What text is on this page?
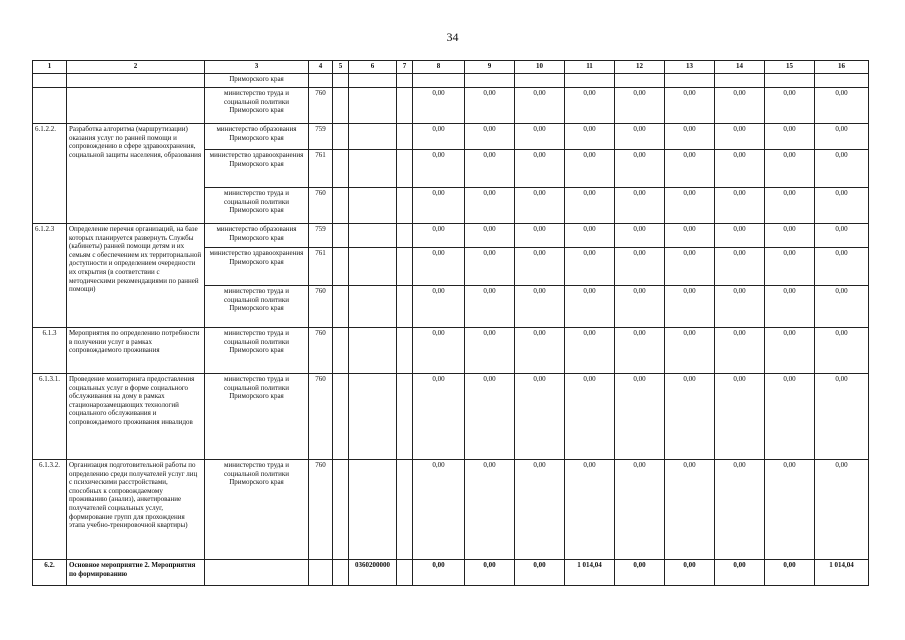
34
1	2	3	4	5	6	7	8	9	10	11	12	13	14	15	16
		Приморского края													
		министерство труда и социальной политики Приморского края	760				0,00	0,00	0,00	0,00	0,00	0,00	0,00	0,00	0,00
6.1.2.2.	Разработка алгоритма (маршрутизации) оказания услуг по ранней помощи и сопровождению в сфере здравоохранения, социальной защиты населения, образования	министерство образования Приморского края	759				0,00	0,00	0,00	0,00	0,00	0,00	0,00	0,00	0,00
		министерство здравоохранения Приморского края	761				0,00	0,00	0,00	0,00	0,00	0,00	0,00	0,00	0,00
		министерство труда и социальной политики Приморского края	760				0,00	0,00	0,00	0,00	0,00	0,00	0,00	0,00	0,00
6.1.2.3	Определение перечня организаций, на базе которых планируется развернуть Службы (кабинеты) ранней помощи детям и их семьям с обеспечением их территориальной доступности и определением очередности их открытия (в соответствии с методическими рекомендациями по ранней помощи)	министерство образования Приморского края	759				0,00	0,00	0,00	0,00	0,00	0,00	0,00	0,00	0,00
		министерство здравоохранения Приморского края	761				0,00	0,00	0,00	0,00	0,00	0,00	0,00	0,00	0,00
		министерство труда и социальной политики Приморского края	760				0,00	0,00	0,00	0,00	0,00	0,00	0,00	0,00	0,00
6.1.3	Мероприятия по определению потребности в получении услуг в рамках сопровождаемого проживания	министерство труда и социальной политики Приморского края	760				0,00	0,00	0,00	0,00	0,00	0,00	0,00	0,00	0,00
6.1.3.1.	Проведение мониторинга предоставления социальных услуг в форме социального обслуживания на дому в рамках стационарозамещающих технологий социального обслуживания и сопровождаемого проживания инвалидов	министерство труда и социальной политики Приморского края	760				0,00	0,00	0,00	0,00	0,00	0,00	0,00	0,00	0,00
6.1.3.2.	Организация подготовительной работы по определению среди получателей услуг лиц с психическими расстройствами, способных к сопровождаемому проживанию (анализ), анкетирование получателей социальных услуг, формирование групп для прохождения этапа учебно-тренировочной квартиры)	министерство труда и социальной политики Приморского края	760				0,00	0,00	0,00	0,00	0,00	0,00	0,00	0,00	0,00
6.2.	Основное мероприятие 2. Мероприятия по формированию				0360200000		0,00	0,00	0,00	1 014,04	0,00	0,00	0,00	0,00	1 014,04
